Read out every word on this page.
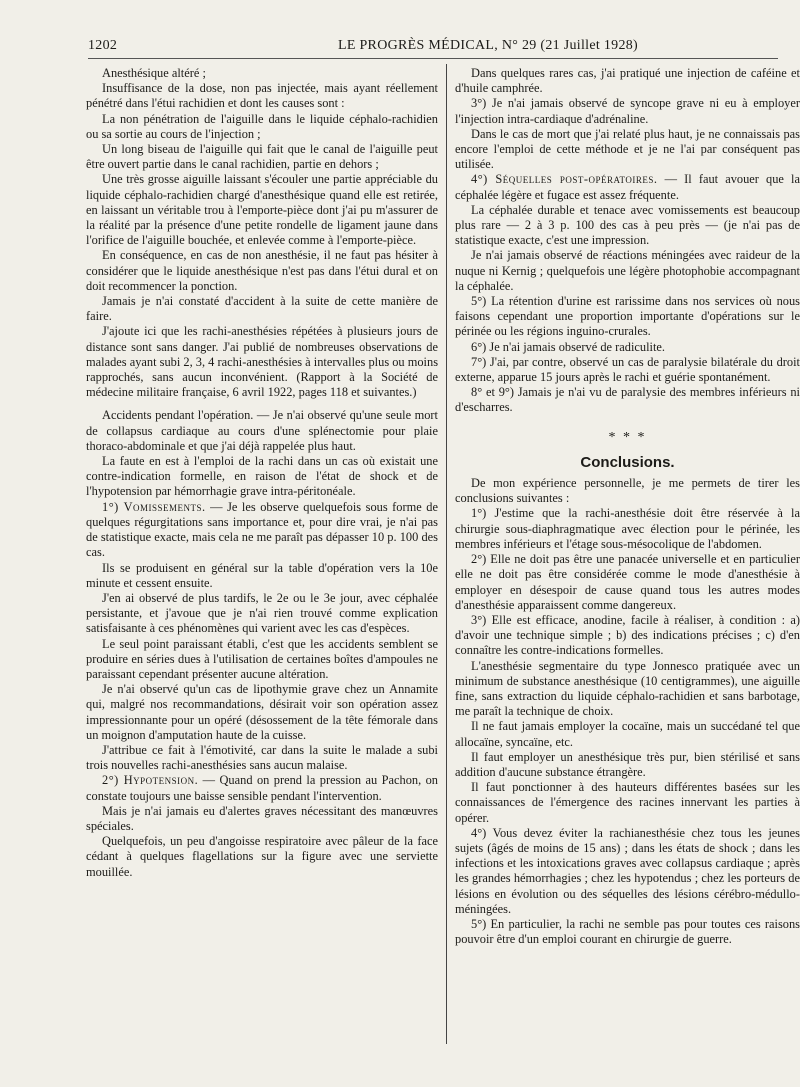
1202	LE PROGRÈS MÉDICAL, N° 29 (21 Juillet 1928)

Anesthésique altéré ;

Insuffisance de la dose, non pas injectée, mais ayant réellement pénétré dans l'étui rachidien et dont les causes sont :

La non pénétration de l'aiguille dans le liquide céphalo-rachidien ou sa sortie au cours de l'injection ;

Un long biseau de l'aiguille qui fait que le canal de l'aiguille peut être ouvert partie dans le canal rachidien, partie en dehors ;

Une très grosse aiguille laissant s'écouler une partie appréciable du liquide céphalo-rachidien chargé d'anesthésique quand elle est retirée, en laissant un véritable trou à l'emporte-pièce dont j'ai pu m'assurer de la réalité par la présence d'une petite rondelle de ligament jaune dans l'orifice de l'aiguille bouchée, et enlevée comme à l'emporte-pièce.

En conséquence, en cas de non anesthésie, il ne faut pas hésiter à considérer que le liquide anesthésique n'est pas dans l'étui dural et on doit recommencer la ponction.

Jamais je n'ai constaté d'accident à la suite de cette manière de faire.

J'ajoute ici que les rachi-anesthésies répétées à plusieurs jours de distance sont sans danger. J'ai publié de nombreuses observations de malades ayant subi 2, 3, 4 rachi-anesthésies à intervalles plus ou moins rapprochés, sans aucun inconvénient. (Rapport à la Société de médecine militaire française, 6 avril 1922, pages 118 et suivantes.)

Accidents pendant l'opération. — Je n'ai observé qu'une seule mort de collapsus cardiaque au cours d'une splénectomie pour plaie thoraco-abdominale et que j'ai déjà rappelée plus haut.

La faute en est à l'emploi de la rachi dans un cas où existait une contre-indication formelle, en raison de l'état de shock et de l'hypotension par hémorrhagie grave intra-péritonéale.

1°) Vomissements. — Je les observe quelquefois sous forme de quelques régurgitations sans importance et, pour dire vrai, je n'ai pas de statistique exacte, mais cela ne me paraît pas dépasser 10 p. 100 des cas.

Ils se produisent en général sur la table d'opération vers la 10e minute et cessent ensuite.

J'en ai observé de plus tardifs, le 2e ou le 3e jour, avec céphalée persistante, et j'avoue que je n'ai rien trouvé comme explication satisfaisante à ces phénomènes qui varient avec les cas d'espèces.

Le seul point paraissant établi, c'est que les accidents semblent se produire en séries dues à l'utilisation de certaines boîtes d'ampoules ne paraissant cependant présenter aucune altération.

Je n'ai observé qu'un cas de lipothymie grave chez un Annamite qui, malgré nos recommandations, désirait voir son opération assez impressionnante pour un opéré (désossement de la tête fémorale dans un moignon d'amputation haute de la cuisse.

J'attribue ce fait à l'émotivité, car dans la suite le malade a subi trois nouvelles rachi-anesthésies sans aucun malaise.

2°) Hypotension. — Quand on prend la pression au Pachon, on constate toujours une baisse sensible pendant l'intervention.

Mais je n'ai jamais eu d'alertes graves nécessitant des manœuvres spéciales.

Quelquefois, un peu d'angoisse respiratoire avec pâleur de la face cédant à quelques flagellations sur la figure avec une serviette mouillée.

Dans quelques rares cas, j'ai pratiqué une injection de caféine et d'huile camphrée.

3°) Je n'ai jamais observé de syncope grave ni eu à employer l'injection intra-cardiaque d'adrénaline.

Dans le cas de mort que j'ai relaté plus haut, je ne connaissais pas encore l'emploi de cette méthode et je ne l'ai par conséquent pas utilisée.

4°) Séquelles post-opératoires. — Il faut avouer que la céphalée légère et fugace est assez fréquente.

La céphalée durable et tenace avec vomissements est beaucoup plus rare — 2 à 3 p. 100 des cas à peu près — (je n'ai pas de statistique exacte, c'est une impression.

Je n'ai jamais observé de réactions méningées avec raideur de la nuque ni Kernig ; quelquefois une légère photophobie accompagnant la céphalée.

5°) La rétention d'urine est rarissime dans nos services où nous faisons cependant une proportion importante d'opérations sur le périnée ou les régions inguino-crurales.

6°) Je n'ai jamais observé de radiculite.

7°) J'ai, par contre, observé un cas de paralysie bilatérale du droit externe, apparue 15 jours après le rachi et guérie spontanément.

8° et 9°) Jamais je n'ai vu de paralysie des membres inférieurs ni d'escharres.

* * *
Conclusions.

De mon expérience personnelle, je me permets de tirer les conclusions suivantes :

1°) J'estime que la rachi-anesthésie doit être réservée à la chirurgie sous-diaphragmatique avec élection pour le périnée, les membres inférieurs et l'étage sous-mésocolique de l'abdomen.

2°) Elle ne doit pas être une panacée universelle et en particulier elle ne doit pas être considérée comme le mode d'anesthésie à employer en désespoir de cause quand tous les autres modes d'anesthésie apparaissent comme dangereux.

3°) Elle est efficace, anodine, facile à réaliser, à condition : a) d'avoir une technique simple ; b) des indications précises ; c) d'en connaître les contre-indications formelles.

L'anesthésie segmentaire du type Jonnesco pratiquée avec un minimum de substance anesthésique (10 centigrammes), une aiguille fine, sans extraction du liquide céphalo-rachidien et sans barbotage, me paraît la technique de choix.

Il ne faut jamais employer la cocaïne, mais un succédané tel que allocaïne, syncaïne, etc.

Il faut employer un anesthésique très pur, bien stérilisé et sans addition d'aucune substance étrangère.

Il faut ponctionner à des hauteurs différentes basées sur les connaissances de l'émergence des racines innervant les parties à opérer.

4°) Vous devez éviter la rachianesthésie chez tous les jeunes sujets (âgés de moins de 15 ans) ; dans les états de shock ; dans les infections et les intoxications graves avec collapsus cardiaque ; après les grandes hémorrhagies ; chez les hypotendus ; chez les porteurs de lésions en évolution ou des séquelles des lésions cérébro-médullo-méningées.

5°) En particulier, la rachi ne semble pas pour toutes ces raisons pouvoir être d'un emploi courant en chirurgie de guerre.
